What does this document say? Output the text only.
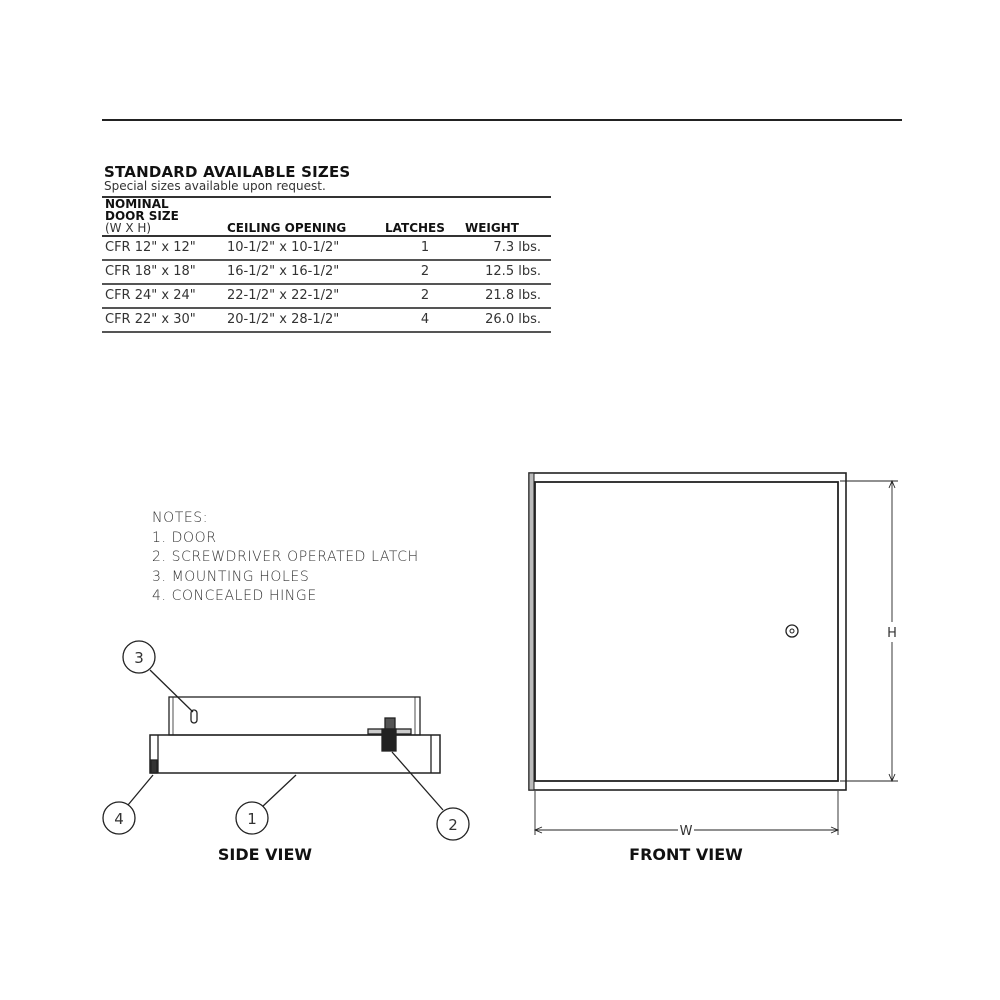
STANDARD AVAILABLE SIZES
Special sizes available upon request.
NOMINAL
DOOR SIZE
(W X H)	CEILING OPENING	LATCHES	WEIGHT
CFR 12" x 12"	10-1/2" x 10-1/2"	1	7.3 lbs.
CFR 18" x 18"	16-1/2" x 16-1/2"	2	12.5 lbs.
CFR 24" x 24"	22-1/2" x 22-1/2"	2	21.8 lbs.
CFR 22" x 30"	20-1/2" x 28-1/2"	4	26.0 lbs.
NOTES:
1. DOOR
2. SCREWDRIVER OPERATED LATCH
3. MOUNTING HOLES
4. CONCEALED HINGE
3
4	1	2
SIDE VIEW
H
W
FRONT VIEW
